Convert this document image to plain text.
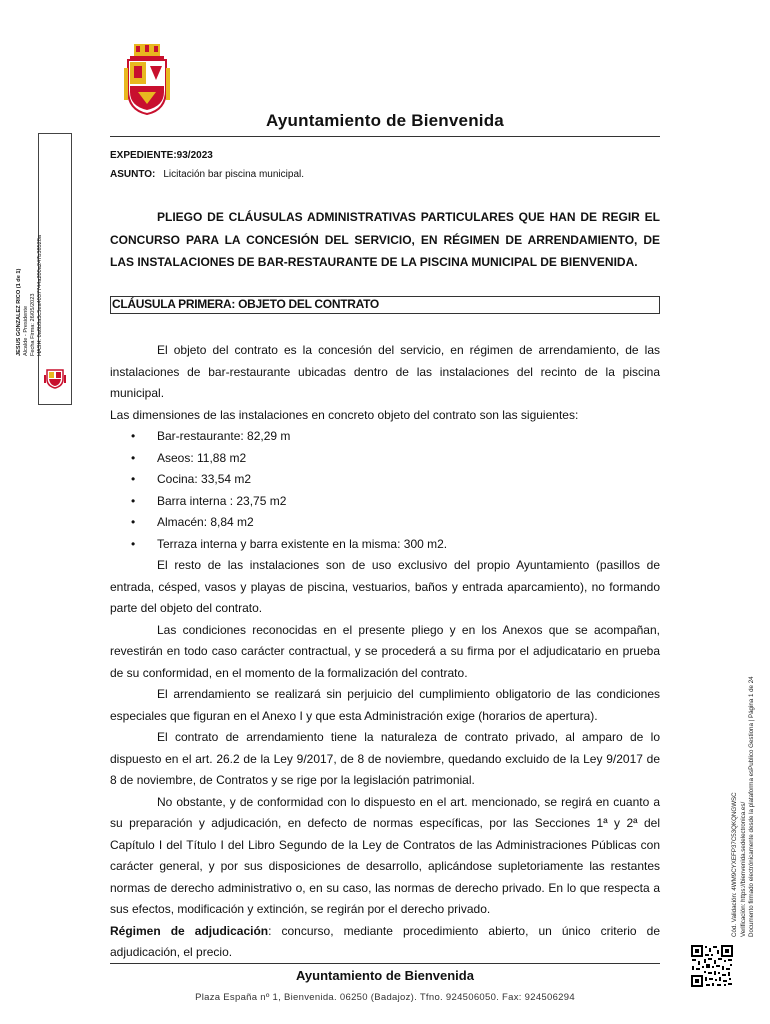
Ayuntamiento de Bienvenida
EXPEDIENTE:93/2023
ASUNTO: Licitación bar piscina municipal.
PLIEGO DE CLÁUSULAS ADMINISTRATIVAS PARTICULARES QUE HAN DE REGIR EL CONCURSO PARA LA CONCESIÓN DEL SERVICIO, EN RÉGIMEN DE ARRENDAMIENTO, DE LAS INSTALACIONES DE BAR-RESTAURANTE DE LA PISCINA MUNICIPAL DE BIENVENIDA.
CLÁUSULA PRIMERA: OBJETO DEL CONTRATO

El objeto del contrato es la concesión del servicio, en régimen de arrendamiento, de las instalaciones de bar-restaurante ubicadas dentro de las instalaciones del recinto de la piscina municipal.

Las dimensiones de las instalaciones en concreto objeto del contrato son las siguientes:

• Bar-restaurante: 82,29 m
• Aseos: 11,88 m2
• Cocina: 33,54 m2
• Barra interna : 23,75 m2
• Almacén: 8,84 m2
• Terraza interna y barra existente en la misma: 300 m2.

El resto de las instalaciones son de uso exclusivo del propio Ayuntamiento (pasillos de entrada, césped, vasos y playas de piscina, vestuarios, baños y entrada aparcamiento), no formando parte del objeto del contrato.

Las condiciones reconocidas en el presente pliego y en los Anexos que se acompañan, revestirán en todo caso carácter contractual, y se procederá a su firma por el adjudicatario en prueba de su conformidad, en el momento de la formalización del contrato.

El arrendamiento se realizará sin perjuicio del cumplimiento obligatorio de las condiciones especiales que figuran en el Anexo I y que esta Administración exige (horarios de apertura).

El contrato de arrendamiento tiene la naturaleza de contrato privado, al amparo de lo dispuesto en el art. 26.2 de la Ley 9/2017, de 8 de noviembre, quedando excluido de la Ley 9/2017 de 8 de noviembre, de Contratos y se rige por la legislación patrimonial.

No obstante, y de conformidad con lo dispuesto en el art. mencionado, se regirá en cuanto a su preparación y adjudicación, en defecto de normas específicas, por las Secciones 1ª y 2ª del Capítulo I del Título I del Libro Segundo de la Ley de Contratos de las Administraciones Públicas con carácter general, y por sus disposiciones de desarrollo, aplicándose supletoriamente las restantes normas de derecho administrativo o, en su caso, las normas de derecho privado. En lo que respecta a sus efectos, modificación y extinción, se regirán por el derecho privado.

Régimen de adjudicación: concurso, mediante procedimiento abierto, un único criterio de adjudicación, el precio.

Ayuntamiento de Bienvenida
Plaza España nº 1, Bienvenida. 06250 (Badajoz). Tfno. 924506050. Fax: 924506294
JESUS GONZALEZ RICO (1 de 1) Alcalde - Presidente Fecha Firma: 26/05/2023 HASH: 0a6b8a5c5ea4037744a200a247b38528a
Cód. Validación: 4WM9CYXEFP37C53QKQNGWSC Verificación: https://bienvenida.sedelectronica.es/ Documento firmado electrónicamente desde la plataforma esPublico Gestiona | Página 1 de 24
